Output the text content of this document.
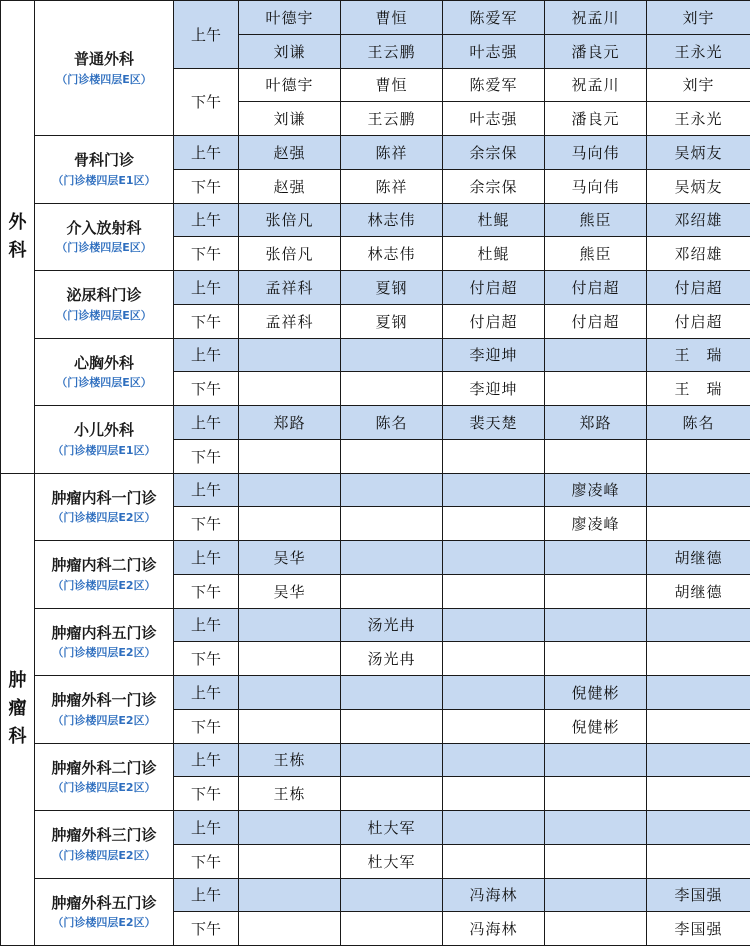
外科	普通外科
（门诊楼四层E区）	上午	叶德宇	曹恒	陈爱军	祝孟川	刘宇
			刘谦	王云鹏	叶志强	潘良元	王永光
		下午	叶德宇	曹恒	陈爱军	祝孟川	刘宇
			刘谦	王云鹏	叶志强	潘良元	王永光

	骨科门诊
（门诊楼四层E1区）	上午	赵强	陈祥	余宗保	马向伟	吴炳友
		下午	赵强	陈祥	余宗保	马向伟	吴炳友

	介入放射科
（门诊楼四层E区）	上午	张倍凡	林志伟	杜鲲	熊臣	邓绍雄
		下午	张倍凡	林志伟	杜鲲	熊臣	邓绍雄

	泌尿科门诊
（门诊楼四层E区）	上午	孟祥科	夏钢	付启超	付启超	付启超
		下午	孟祥科	夏钢	付启超	付启超	付启超

	心胸外科
（门诊楼四层E区）	上午			李迎坤		王　瑞
		下午			李迎坤		王　瑞

	小儿外科
（门诊楼四层E1区）	上午	郑路	陈名	裴天楚	郑路	陈名
		下午					
肿瘤科	肿瘤内科一门诊
（门诊楼四层E2区）	上午				廖凌峰	
		下午				廖凌峰	

	肿瘤内科二门诊
（门诊楼四层E2区）	上午	吴华				胡继德
		下午	吴华				胡继德

	肿瘤内科五门诊
（门诊楼四层E2区）	上午		汤光冉			
		下午		汤光冉			

	肿瘤外科一门诊
（门诊楼四层E2区）	上午				倪健彬	
		下午				倪健彬	

	肿瘤外科二门诊
（门诊楼四层E2区）	上午	王栋				
		下午	王栋				

	肿瘤外科三门诊
（门诊楼四层E2区）	上午		杜大军			
		下午		杜大军			

	肿瘤外科五门诊
（门诊楼四层E2区）	上午			冯海林		李国强
		下午			冯海林		李国强
